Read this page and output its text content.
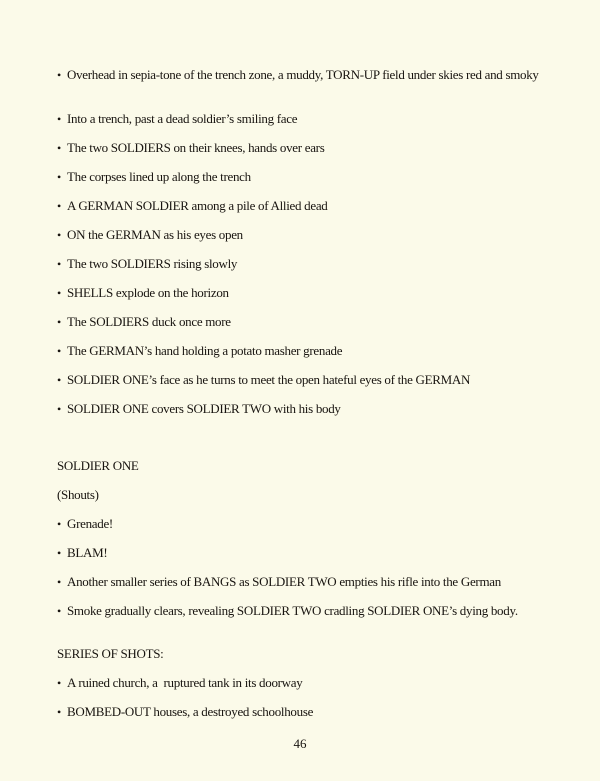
• Overhead in sepia-tone of the trench zone, a muddy, TORN-UP field under skies red and smoky
• Into a trench, past a dead soldier’s smiling face
• The two SOLDIERS on their knees, hands over ears
• The corpses lined up along the trench
• A GERMAN SOLDIER among a pile of Allied dead
• ON the GERMAN as his eyes open
• The two SOLDIERS rising slowly
• SHELLS explode on the horizon
• The SOLDIERS duck once more
• The GERMAN’s hand holding a potato masher grenade
• SOLDIER ONE’s face as he turns to meet the open hateful eyes of the GERMAN
• SOLDIER ONE covers SOLDIER TWO with his body
SOLDIER ONE
(Shouts)
• Grenade!
• BLAM!
• Another smaller series of BANGS as SOLDIER TWO empties his rifle into the German
• Smoke gradually clears, revealing SOLDIER TWO cradling SOLDIER ONE’s dying body.
SERIES OF SHOTS:
• A ruined church, a  ruptured tank in its doorway
• BOMBED-OUT houses, a destroyed schoolhouse
46
